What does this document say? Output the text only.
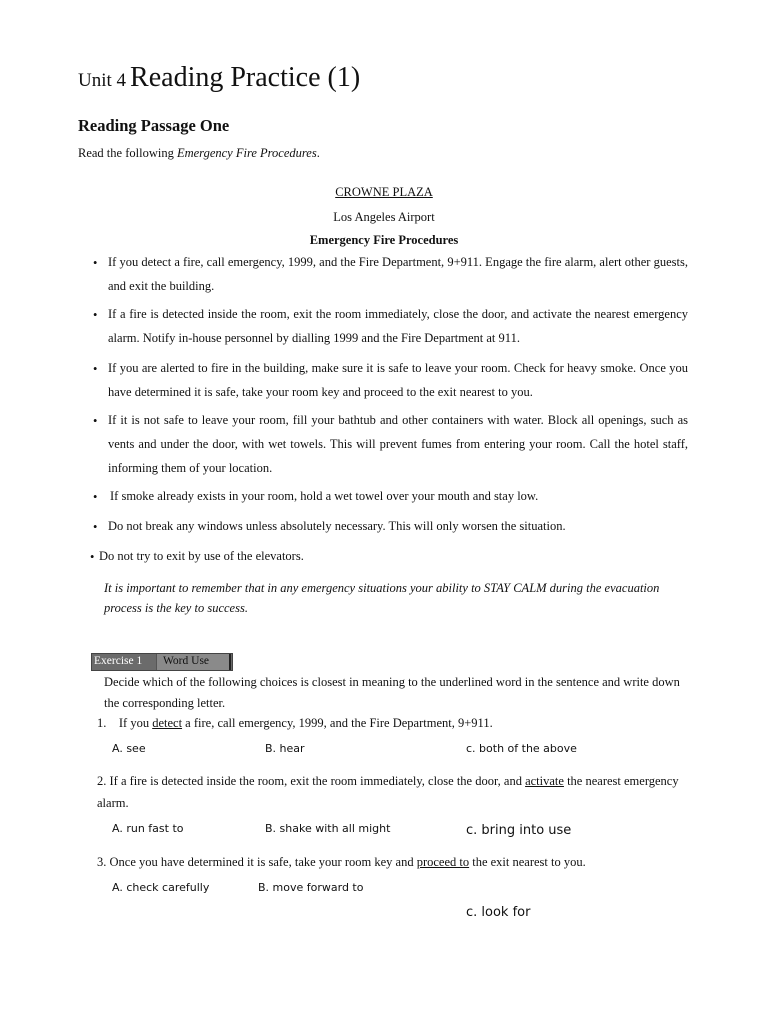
Unit 4 Reading Practice (1)
Reading Passage One
Read the following Emergency Fire Procedures.
CROWNE PLAZA
Los Angeles Airport
Emergency Fire Procedures
• If you detect a fire, call emergency, 1999, and the Fire Department, 9+911. Engage the fire alarm, alert other guests, and exit the building.
• If a fire is detected inside the room, exit the room immediately, close the door, and activate the nearest emergency alarm. Notify in-house personnel by dialling 1999 and the Fire Department at 911.
• If you are alerted to fire in the building, make sure it is safe to leave your room. Check for heavy smoke. Once you have determined it is safe, take your room key and proceed to the exit nearest to you.
• If it is not safe to leave your room, fill your bathtub and other containers with water. Block all openings, such as vents and under the door, with wet towels. This will prevent fumes from entering your room. Call the hotel staff, informing them of your location.
• If smoke already exists in your room, hold a wet towel over your mouth and stay low.
• Do not break any windows unless absolutely necessary. This will only worsen the situation.
• Do not try to exit by use of the elevators.
It is important to remember that in any emergency situations your ability to STAY CALM during the evacuation process is the key to success.
Exercise 1 Word Use
Decide which of the following choices is closest in meaning to the underlined word in the sentence and write down the corresponding letter.
1. If you detect a fire, call emergency, 1999, and the Fire Department, 9+911.
A. see	B. hear	c. both of the above
2. If a fire is detected inside the room, exit the room immediately, close the door, and activate the nearest emergency alarm.
A. run fast to	B. shake with all might	c. bring into use
3. Once you have determined it is safe, take your room key and proceed to the exit nearest to you.
A. check carefully	B. move forward to
c. look for
